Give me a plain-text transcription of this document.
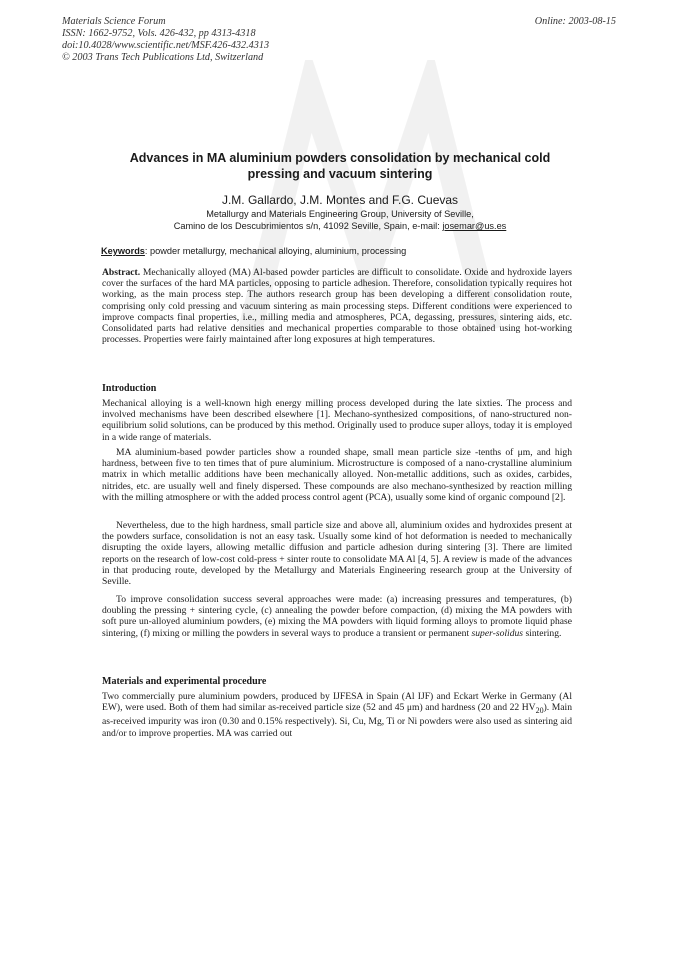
Materials Science Forum
ISSN: 1662-9752, Vols. 426-432, pp 4313-4318
doi:10.4028/www.scientific.net/MSF.426-432.4313
© 2003 Trans Tech Publications Ltd, Switzerland
Online: 2003-08-15
Advances in MA aluminium powders consolidation by mechanical cold
pressing and vacuum sintering
J.M. Gallardo, J.M. Montes and F.G. Cuevas
Metallurgy and Materials Engineering Group, University of Seville,
Camino de los Descubrimientos s/n, 41092 Seville, Spain, e-mail: josemar@us.es
Keywords: powder metallurgy, mechanical alloying, aluminium, processing
Abstract. Mechanically alloyed (MA) Al-based powder particles are difficult to consolidate. Oxide and hydroxide layers cover the surfaces of the hard MA particles, opposing to particle adhesion. Therefore, consolidation typically requires hot working, as the main process step. The authors research group has been developing a different consolidation route, comprising only cold pressing and vacuum sintering as main processing steps. Different conditions were experienced to improve compacts final properties, i.e., milling media and atmospheres, PCA, degassing, pressures, sintering aids, etc. Consolidated parts had relative densities and mechanical properties comparable to those obtained using hot-working processes. Properties were fairly maintained after long exposures at high temperatures.
Introduction
Mechanical alloying is a well-known high energy milling process developed during the late sixties. The process and involved mechanisms have been described elsewhere [1]. Mechano-synthesized compositions, of nano-structured non-equilibrium solid solutions, can be produced by this method. Originally used to produce super alloys, today it is employed in a wide range of materials.
MA aluminium-based powder particles show a rounded shape, small mean particle size -tenths of μm, and high hardness, between five to ten times that of pure aluminium. Microstructure is composed of a nano-crystalline aluminium matrix in which metallic additions have been mechanically alloyed. Non-metallic additions, such as oxides, carbides, nitrides, etc. are usually well and finely dispersed. These compounds are also mechano-synthesized by reaction milling with the milling atmosphere or with the added process control agent (PCA), usually some kind of organic compound [2].
Nevertheless, due to the high hardness, small particle size and above all, aluminium oxides and hydroxides present at the powders surface, consolidation is not an easy task. Usually some kind of hot deformation is needed to mechanically disrupting the oxide layers, allowing metallic diffusion and particle adhesion during sintering [3]. There are limited reports on the research of low-cost cold-press + sinter route to consolidate MA Al [4, 5]. A review is made of the advances in that producing route, developed by the Metallurgy and Materials Engineering research group at the University of Seville.
To improve consolidation success several approaches were made: (a) increasing pressures and temperatures, (b) doubling the pressing + sintering cycle, (c) annealing the powder before compaction, (d) mixing the MA powders with soft pure un-alloyed aluminium powders, (e) mixing the MA powders with liquid forming alloys to promote liquid phase sintering, (f) mixing or milling the powders in several ways to produce a transient or permanent super-solidus sintering.
Materials and experimental procedure
Two commercially pure aluminium powders, produced by IJFESA in Spain (Al IJF) and Eckart Werke in Germany (Al EW), were used. Both of them had similar as-received particle size (52 and 45 μm) and hardness (20 and 22 $HV_{20}$). Main as-received impurity was iron (0.30 and 0.15% respectively). Si, Cu, Mg, Ti or Ni powders were also used as sintering aid and/or to improve properties. MA was carried out
